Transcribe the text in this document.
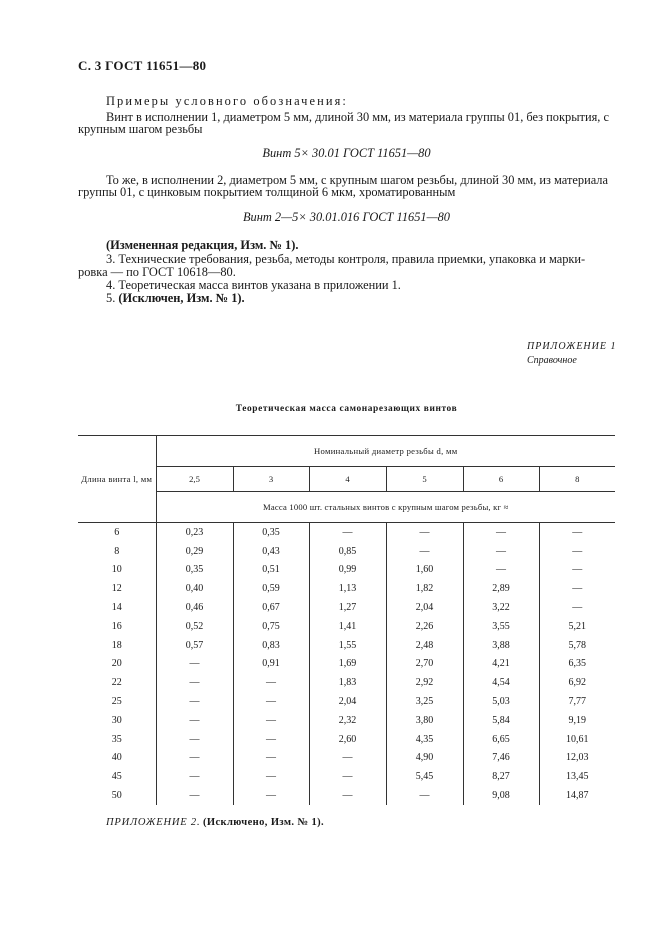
С. 3 ГОСТ 11651—80
Примеры условного обозначения:
Винт в исполнении 1, диаметром 5 мм, длиной 30 мм, из материала группы 01, без покрытия, с
крупным шагом резьбы
Винт 5× 30.01 ГОСТ 11651—80
То же, в исполнении 2, диаметром 5 мм, с крупным шагом резьбы, длиной 30 мм, из материала
группы 01, с цинковым покрытием толщиной 6 мкм, хроматированным
Винт 2—5× 30.01.016 ГОСТ 11651—80
(Измененная редакция, Изм. № 1).
3. Технические требования, резьба, методы контроля, правила приемки, упаковка и марки-
ровка — по ГОСТ 10618—80.
4. Теоретическая масса винтов указана в приложении 1.
5. (Исключен, Изм. № 1).
ПРИЛОЖЕНИЕ 1
Справочное
Теоретическая масса самонарезающих винтов
Длина винта l, мм	Номинальный диаметр резьбы d, мм					
	2,5	3	4	5	6	8
	Масса 1000 шт. стальных винтов с крупным шагом резьбы, кг ≈					
6	0,23	0,35	—	—	—	—
8	0,29	0,43	0,85	—	—	—
10	0,35	0,51	0,99	1,60	—	—
12	0,40	0,59	1,13	1,82	2,89	—
14	0,46	0,67	1,27	2,04	3,22	—
16	0,52	0,75	1,41	2,26	3,55	5,21
18	0,57	0,83	1,55	2,48	3,88	5,78
20	—	0,91	1,69	2,70	4,21	6,35
22	—	—	1,83	2,92	4,54	6,92
25	—	—	2,04	3,25	5,03	7,77
30	—	—	2,32	3,80	5,84	9,19
35	—	—	2,60	4,35	6,65	10,61
40	—	—	—	4,90	7,46	12,03
45	—	—	—	5,45	8,27	13,45
50	—	—	—	—	9,08	14,87
ПРИЛОЖЕНИЕ 2. (Исключено, Изм. № 1).
